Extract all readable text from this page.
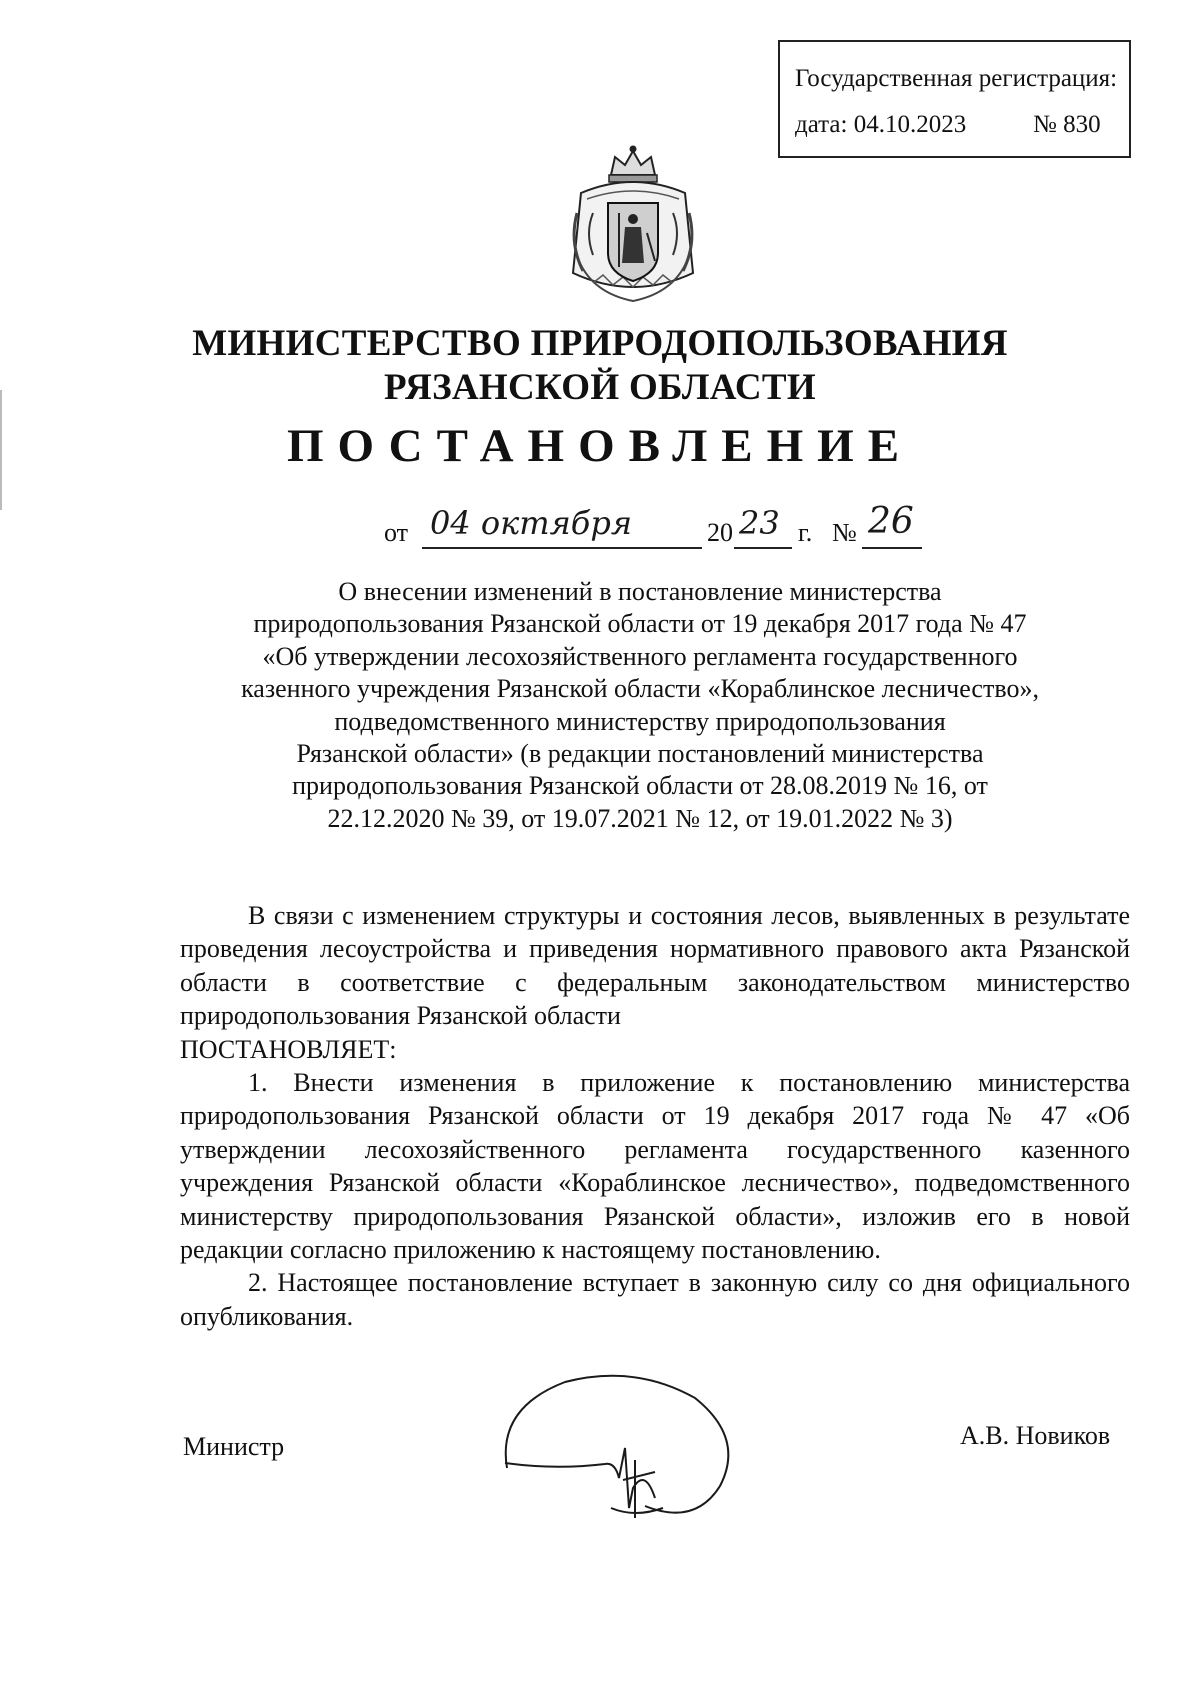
Государственная регистрация:
дата: 04.10.2023	№ 830
МИНИСТЕРСТВО ПРИРОДОПОЛЬЗОВАНИЯ
РЯЗАНСКОЙ ОБЛАСТИ
ПОСТАНОВЛЕНИЕ
от 04 октября	20 23 г. № 26
О внесении изменений в постановление министерства
природопользования Рязанской области от 19 декабря 2017 года № 47
«Об утверждении лесохозяйственного регламента государственного
казенного учреждения Рязанской области «Кораблинское лесничество»,
подведомственного министерству природопользования
Рязанской области» (в редакции постановлений министерства
природопользования Рязанской области от 28.08.2019 № 16, от
22.12.2020 № 39, от 19.07.2021 № 12, от 19.01.2022 № 3)

В связи с изменением структуры и состояния лесов, выявленных в результате проведения лесоустройства и приведения нормативного правового акта Рязанской области в соответствие с федеральным законодательством министерство природопользования Рязанской области

ПОСТАНОВЛЯЕТ:

1. Внести изменения в приложение к постановлению министерства природопользования Рязанской области от 19 декабря 2017 года № 47 «Об утверждении лесохозяйственного регламента государственного казенного учреждения Рязанской области «Кораблинское лесничество», подведомственного министерству природопользования Рязанской области», изложив его в новой редакции согласно приложению к настоящему постановлению.

2. Настоящее постановление вступает в законную силу со дня официального опубликования.

Министр	А.В. Новиков
